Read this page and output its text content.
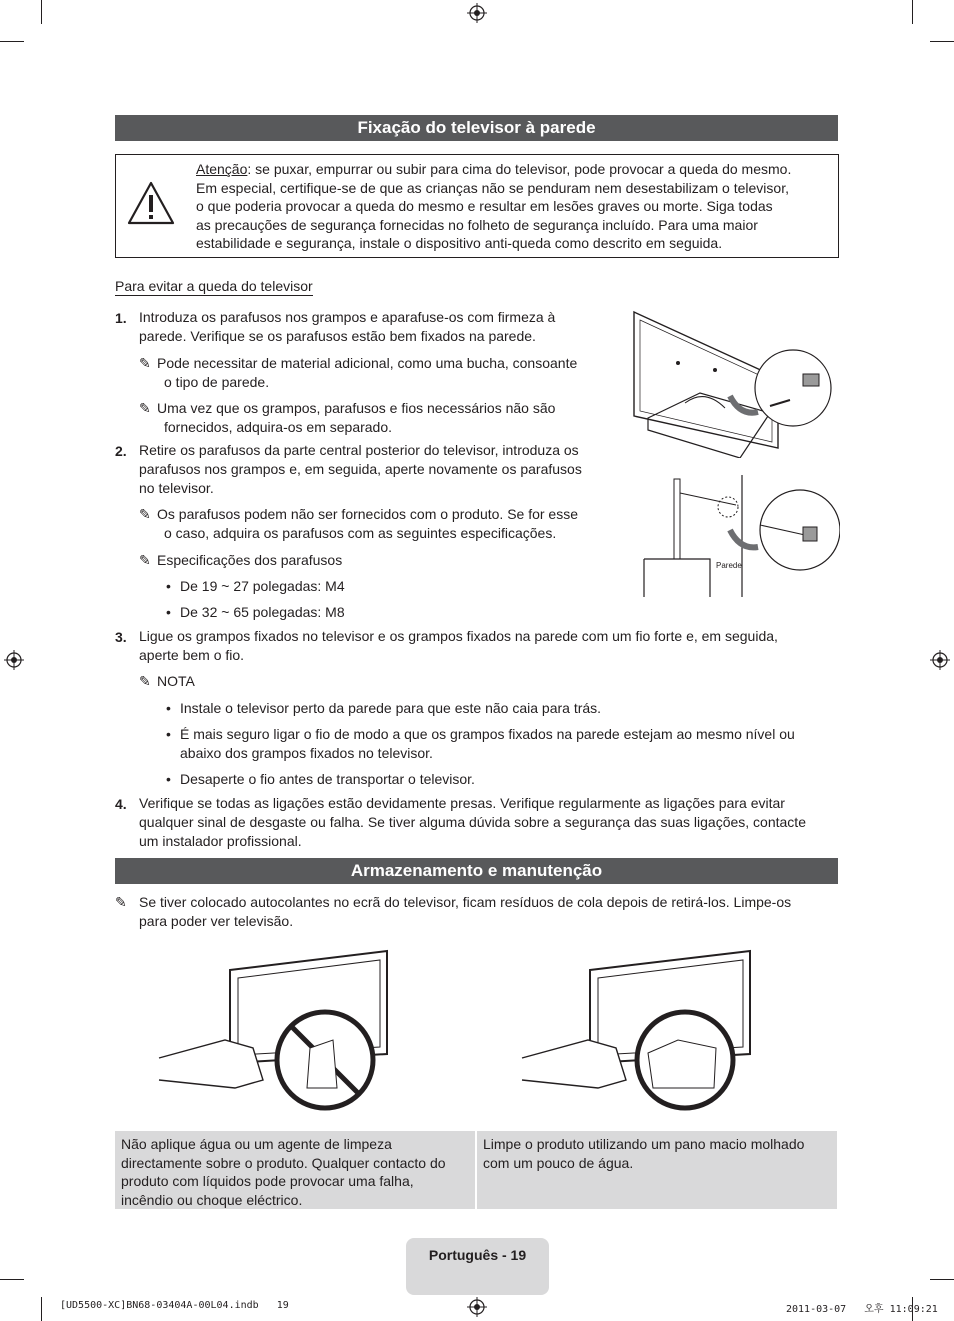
Fixação do televisor à parede
Atenção: se puxar, empurrar ou subir para cima do televisor, pode provocar a queda do mesmo.
Em especial, certifique-se de que as crianças não se penduram nem desestabilizam o televisor,
o que poderia provocar a queda do mesmo e resultar em lesões graves ou morte. Siga todas
as precauções de segurança fornecidas no folheto de segurança incluído. Para uma maior
estabilidade e segurança, instale o dispositivo anti-queda como descrito em seguida.
Para evitar a queda do televisor
1. Introduza os parafusos nos grampos e aparafuse-os com firmeza à
parede. Verifique se os parafusos estão bem fixados na parede.
✎ Pode necessitar de material adicional, como uma bucha, consoante
o tipo de parede.
✎ Uma vez que os grampos, parafusos e fios necessários não são
fornecidos, adquira-os em separado.
2. Retire os parafusos da parte central posterior do televisor, introduza os
parafusos nos grampos e, em seguida, aperte novamente os parafusos
no televisor.
✎ Os parafusos podem não ser fornecidos com o produto. Se for esse
o caso, adquira os parafusos com as seguintes especificações.
✎ Especificações dos parafusos
• De 19 ~ 27 polegadas: M4
• De 32 ~ 65 polegadas: M8
Parede
3. Ligue os grampos fixados no televisor e os grampos fixados na parede com um fio forte e, em seguida,
aperte bem o fio.
✎ NOTA
• Instale o televisor perto da parede para que este não caia para trás.
• É mais seguro ligar o fio de modo a que os grampos fixados na parede estejam ao mesmo nível ou
abaixo dos grampos fixados no televisor.
• Desaperte o fio antes de transportar o televisor.
4. Verifique se todas as ligações estão devidamente presas. Verifique regularmente as ligações para evitar
qualquer sinal de desgaste ou falha. Se tiver alguma dúvida sobre a segurança das suas ligações, contacte
um instalador profissional.
Armazenamento e manutenção
✎ Se tiver colocado autocolantes no ecrã do televisor, ficam resíduos de cola depois de retirá-los. Limpe-os
para poder ver televisão.
Não aplique água ou um agente de limpeza directamente sobre o produto. Qualquer contacto do produto com líquidos pode provocar uma falha, incêndio ou choque eléctrico.
Limpe o produto utilizando um pano macio molhado com um pouco de água.
Português - 19
[UD5500-XC]BN68-03404A-00L04.indb   19	2011-03-07   오후 11:09:21
